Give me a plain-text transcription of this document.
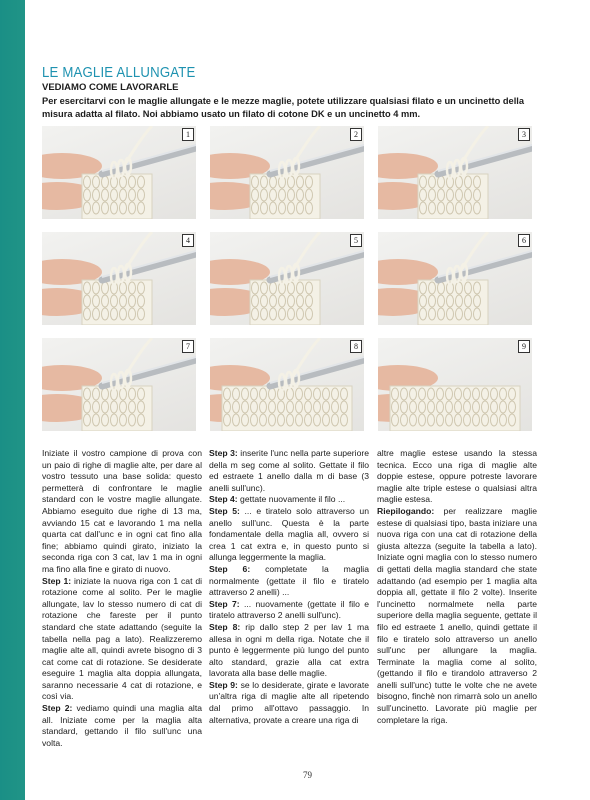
LE MAGLIE ALLUNGATE
VEDIAMO COME LAVORARLE

Per esercitarvi con le maglie allungate e le mezze maglie, potete utilizzare qualsiasi filato e un uncinetto della misura adatta al filato. Noi abbiamo usato un filato di cotone DK e un uncinetto 4 mm.

1	2	3
4	5	6
7	8	9

Iniziate il vostro campione di prova con un paio di righe di maglie alte, per dare al vostro tessuto una base solida: questo permetterà di confrontare le maglie standard con le vostre maglie allungate. Abbiamo eseguito due righe di 13 ma, avviando 15 cat e lavorando 1 ma nella quarta cat dall'unc e in ogni cat fino alla fine; abbiamo quindi girato, iniziato la seconda riga con 3 cat, lav 1 ma in ogni ma fino alla fine e girato di nuovo.

Step 1: iniziate la nuova riga con 1 cat di rotazione come al solito. Per le maglie allungate, lav lo stesso numero di cat di rotazione che fareste per il punto standard che state adattando (seguite la tabella nella pag a lato). Realizzeremo maglie alte all, quindi avrete bisogno di 3 cat come cat di rotazione. Se desiderate eseguire 1 maglia alta doppia allungata, saranno necessarie 4 cat di rotazione, e così via.

Step 2: vediamo quindi una maglia alta all. Iniziate come per la maglia alta standard, gettando il filo sull'unc una volta.

Step 3: inserite l'unc nella parte superiore della m seg come al solito. Gettate il filo ed estraete 1 anello dalla m di base (3 anelli sull'unc).

Step 4: gettate nuovamente il filo ...

Step 5: ... e tiratelo solo attraverso un anello sull'unc. Questa è la parte fondamentale della maglia all, ovvero si crea 1 cat extra e, in questo punto si allunga leggermente la maglia.

Step 6: completate la maglia normalmente (gettate il filo e tiratelo attraverso 2 anelli) ...

Step 7: ... nuovamente (gettate il filo e tiratelo attraverso 2 anelli sull'unc).

Step 8: rip dallo step 2 per lav 1 ma allesa in ogni m della riga. Notate che il punto è leggermente più lungo del punto alto standard, grazie alla cat extra lavorata alla base delle maglie.

Step 9: se lo desiderate, girate e lavorate un'altra riga di maglie alte all ripetendo dal primo all'ottavo passaggio. In alternativa, provate a creare una riga di

altre maglie estese usando la stessa tecnica. Ecco una riga di maglie alte doppie estese, oppure potreste lavorare maglie alte triple estese o qualsiasi altra maglie estesa.

Riepilogando: per realizzare maglie estese di qualsiasi tipo, basta iniziare una nuova riga con una cat di rotazione della giusta altezza (seguite la tabella a lato). Iniziate ogni maglia con lo stesso numero di gettati della maglia standard che state adattando (ad esempio per 1 maglia alta doppia all, gettate il filo 2 volte). Inserite l'uncinetto normalmete nella parte superiore della maglia seguente, gettate il filo ed estraete 1 anello, quindi gettate il filo e tiratelo solo attraverso un anello sull'unc per allungare la maglia. Terminate la maglia come al solito, (gettando il filo e tirandolo attraverso 2 anelli sull'unc) tutte le volte che ne avete bisogno, finchè non rimarrà solo un anello sull'uncinetto. Lavorate più maglie per completare la riga.

79
PassionForum.ru
